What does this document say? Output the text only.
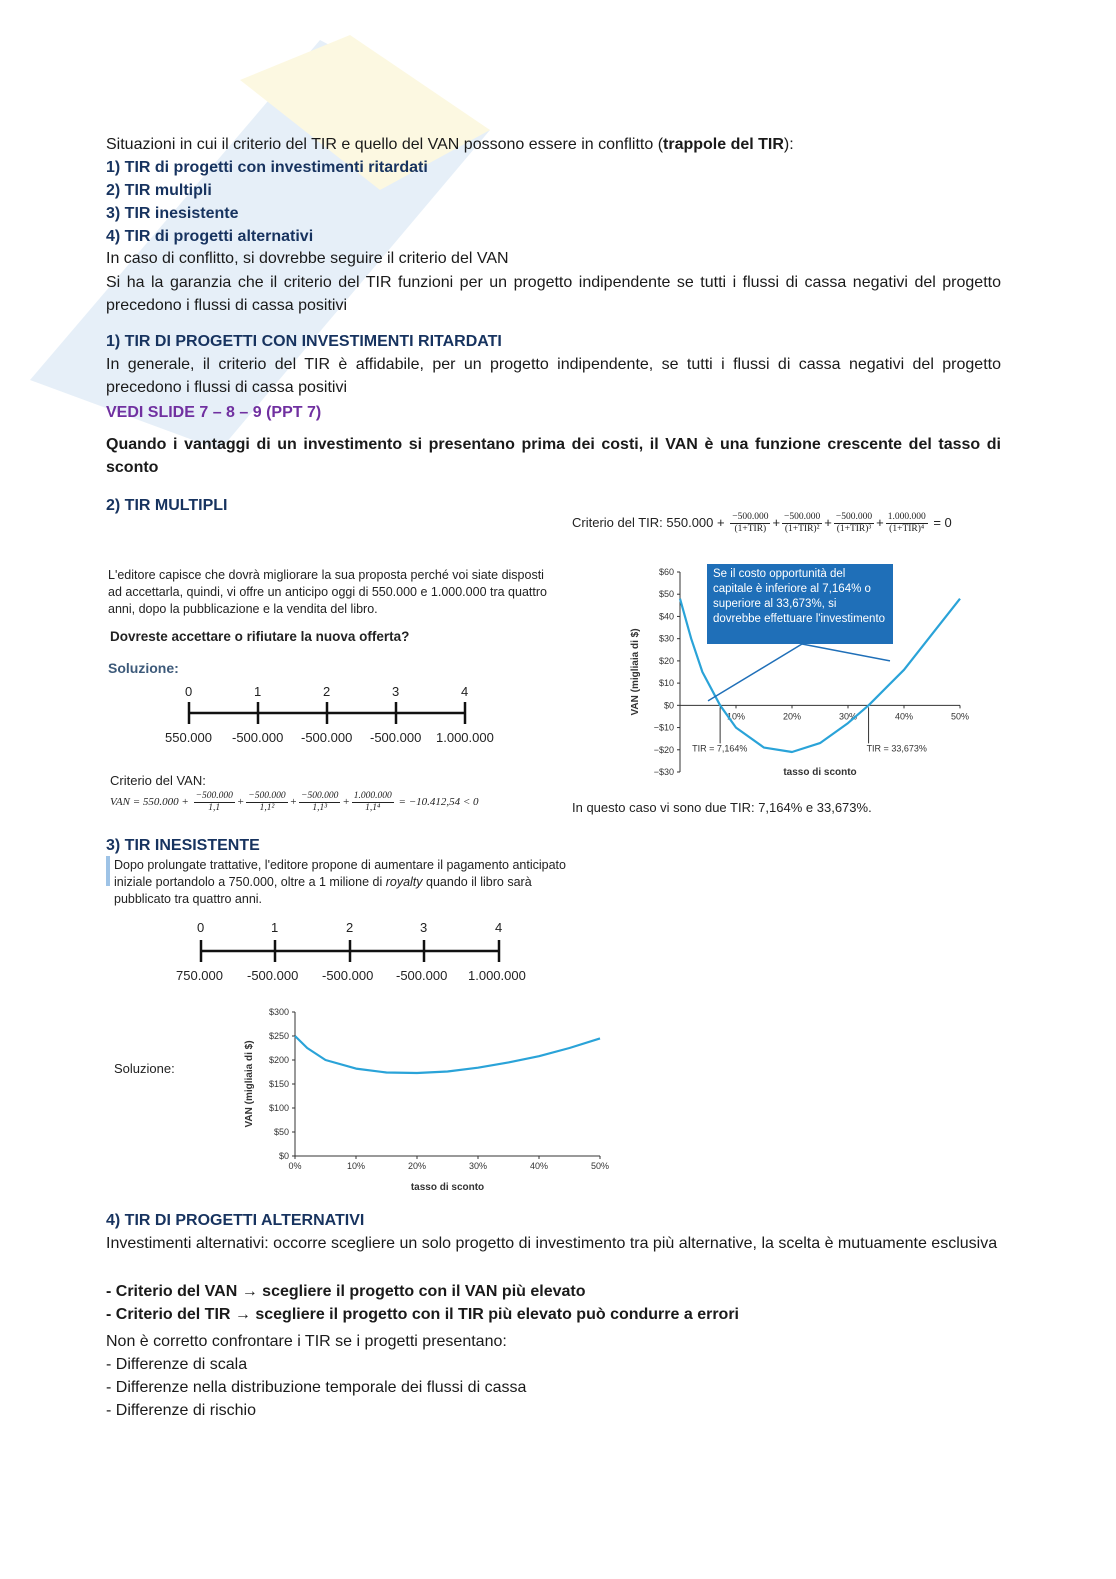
Situazioni in cui il criterio del TIR e quello del VAN possono essere in conflitto (trappole del TIR):

1) TIR di progetti con investimenti ritardati

2) TIR multipli

3) TIR inesistente

4) TIR di progetti alternativi

In caso di conflitto, si dovrebbe seguire il criterio del VAN

Si ha la garanzia che il criterio del TIR funzioni per un progetto indipendente se tutti i flussi di cassa negativi del progetto precedono i flussi di cassa positivi

1) TIR DI PROGETTI CON INVESTIMENTI RITARDATI

In generale, il criterio del TIR è affidabile, per un progetto indipendente, se tutti i flussi di cassa negativi del progetto precedono i flussi di cassa positivi

VEDI SLIDE 7 – 8 – 9 (PPT 7)

Quando i vantaggi di un investimento si presentano prima dei costi, il VAN è una funzione crescente del tasso di sconto

2) TIR MULTIPLI

Criterio del TIR: $550.000 + \frac{-500.000}{\text{(1+TIR)}} + \frac{-500.000}{\text{(1+TIR)²}} + \frac{-500.000}{\text{(1+TIR)³}} + \frac{1.000.000}{\text{(1+TIR)⁴}} = 0$
L'editore capisce che dovrà migliorare la sua proposta perché voi siate disposti ad accettarla, quindi, vi offre un anticipo oggi di 550.000 e 1.000.000 tra quattro anni, dopo la pubblicazione e la vendita del libro.
Dovreste accettare o rifiutare la nuova offerta?
Soluzione:
0	1	2	3	4
550.000 -500.000 -500.000 -500.000 1.000.000
Criterio del VAN:
VAN = $550.000 + \frac{-500.000}{1,1} + \frac{-500.000}{\text{1,1²}} + \frac{-500.000}{\text{1,1³}} + \frac{1.000.000}{\text{1,1⁴}} = -10.412,54 < 0$
$60
$50
$40
$30
$20
$10
$0
−$10
−$20
−$30
10%	20%	30%	40%	50%
tasso di sconto
VAN (migliaia di $)
TIR = 7,164%	TIR = 33,673%
Se il costo opportunità del capitale è inferiore al 7,164% o superiore al 33,673%, si dovrebbe effettuare l'investimento
In questo caso vi sono due TIR: 7,164% e 33,673%.

3) TIR INESISTENTE

Dopo prolungate trattative, l'editore propone di aumentare il pagamento anticipato iniziale portandolo a 750.000, oltre a 1 milione di royalty quando il libro sarà pubblicato tra quattro anni.
0	1	2	3	4
750.000 -500.000 -500.000 -500.000 1.000.000
Soluzione:
$300
$250
$200
$150
$100
$50
$0
0%	10%	20%	30%	40%	50%
tasso di sconto
VAN (migliaia di $)

4) TIR DI PROGETTI ALTERNATIVI

Investimenti alternativi: occorre scegliere un solo progetto di investimento tra più alternative, la scelta è mutuamente esclusiva

- Criterio del VAN → scegliere il progetto con il VAN più elevato

- Criterio del TIR → scegliere il progetto con il TIR più elevato può condurre a errori

Non è corretto confrontare i TIR se i progetti presentano:

- Differenze di scala

- Differenze nella distribuzione temporale dei flussi di cassa

- Differenze di rischio
